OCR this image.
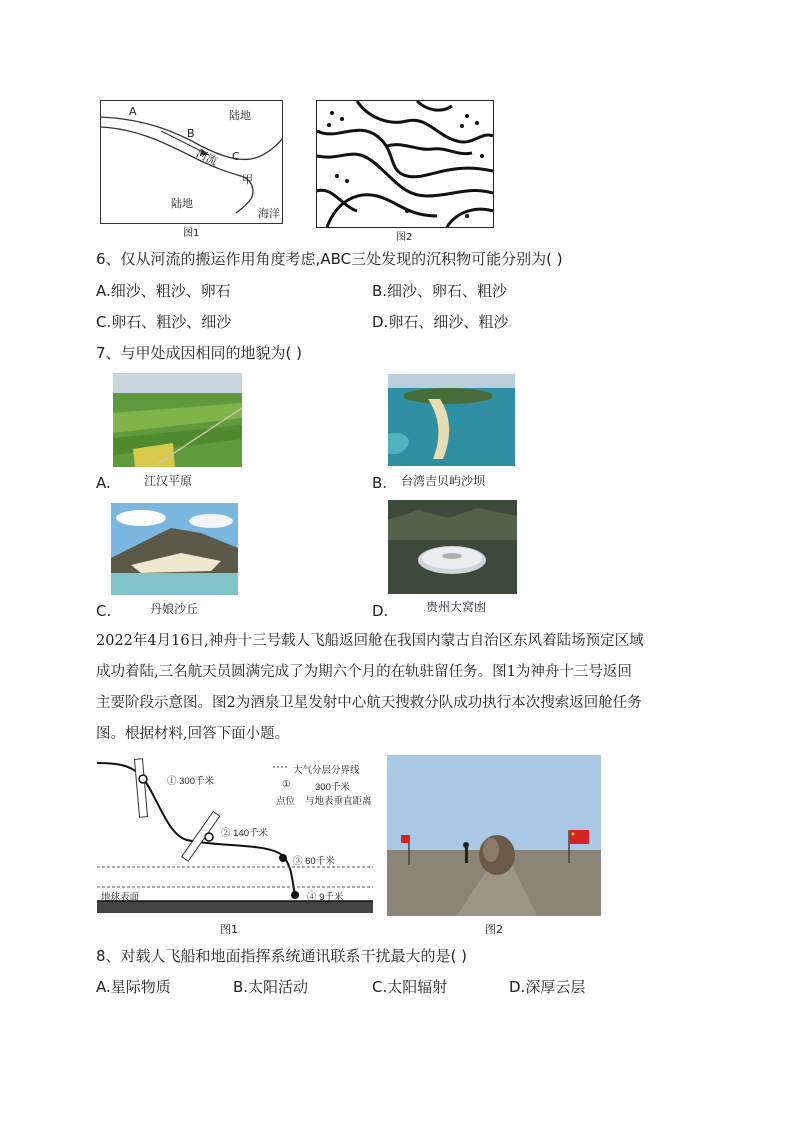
A
B
C
陆地
河流
甲
陆地
海洋
图1	图2
6、仅从河流的搬运作用角度考虑,ABC三处发现的沉积物可能分别为( )
A.细沙、粗沙、卵石	B.细沙、卵石、粗沙
C.卵石、粗沙、细沙	D.卵石、细沙、粗沙
7、与甲处成因相同的地貌为( )
A.	江汉平原	B. 台湾吉贝屿沙坝
C.	丹娘沙丘	D.	贵州大窝凼
2022年4月16日,神舟十三号载人飞船返回舱在我国内蒙古自治区东风着陆场预定区域
成功着陆,三名航天员圆满完成了为期六个月的在轨驻留任务。图1为神舟十三号返回
主要阶段示意图。图2为酒泉卫星发射中心航天搜救分队成功执行本次搜索返回舱任务
图。根据材料,回答下面小题。
① 300千米
② 140千米
③ 60千米
④ 9千米
大气分层分界线
①
点位
300千米
与地表垂直距离
地球表面
图1	图2
8、对载人飞船和地面指挥系统通讯联系干扰最大的是( )
A.星际物质	B.太阳活动	C.太阳辐射	D.深厚云层
